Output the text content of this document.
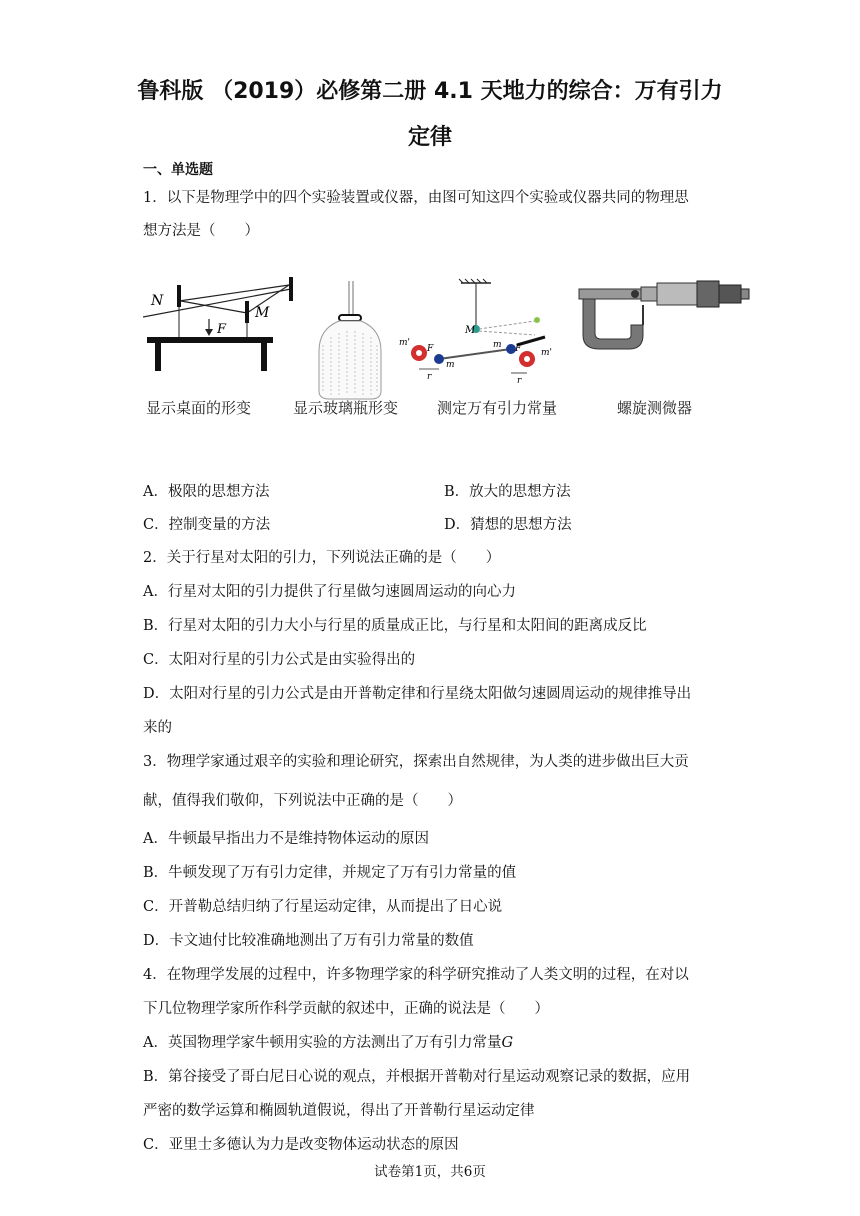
鲁科版 （2019）必修第二册 4.1 天地力的综合：万有引力
定律
一、单选题
1．以下是物理学中的四个实验装置或仪器，由图可知这四个实验或仪器共同的物理思
想方法是（　　）
N
M
F	M
m'
m'
m
m
F	F
r	r
显示桌面的形变	显示玻璃瓶形变	测定万有引力常量	螺旋测微器
A．极限的思想方法	B．放大的思想方法
C．控制变量的方法	D．猜想的思想方法
2．关于行星对太阳的引力，下列说法正确的是（　　）
A．行星对太阳的引力提供了行星做匀速圆周运动的向心力
B．行星对太阳的引力大小与行星的质量成正比，与行星和太阳间的距离成反比
C．太阳对行星的引力公式是由实验得出的
D．太阳对行星的引力公式是由开普勒定律和行星绕太阳做匀速圆周运动的规律推导出
来的
3．物理学家通过艰辛的实验和理论研究，探索出自然规律，为人类的进步做出巨大贡
献，值得我们敬仰，下列说法中正确的是（　　）
A．牛顿最早指出力不是维持物体运动的原因
B．牛顿发现了万有引力定律，并规定了万有引力常量的值
C．开普勒总结归纳了行星运动定律，从而提出了日心说
D．卡文迪付比较准确地测出了万有引力常量的数值
4．在物理学发展的过程中，许多物理学家的科学研究推动了人类文明的过程，在对以
下几位物理学家所作科学贡献的叙述中，正确的说法是（　　）
A．英国物理学家牛顿用实验的方法测出了万有引力常量G
B．第谷接受了哥白尼日心说的观点，并根据开普勒对行星运动观察记录的数据，应用
严密的数学运算和椭圆轨道假说，得出了开普勒行星运动定律
C．亚里士多德认为力是改变物体运动状态的原因
试卷第1页，共6页
